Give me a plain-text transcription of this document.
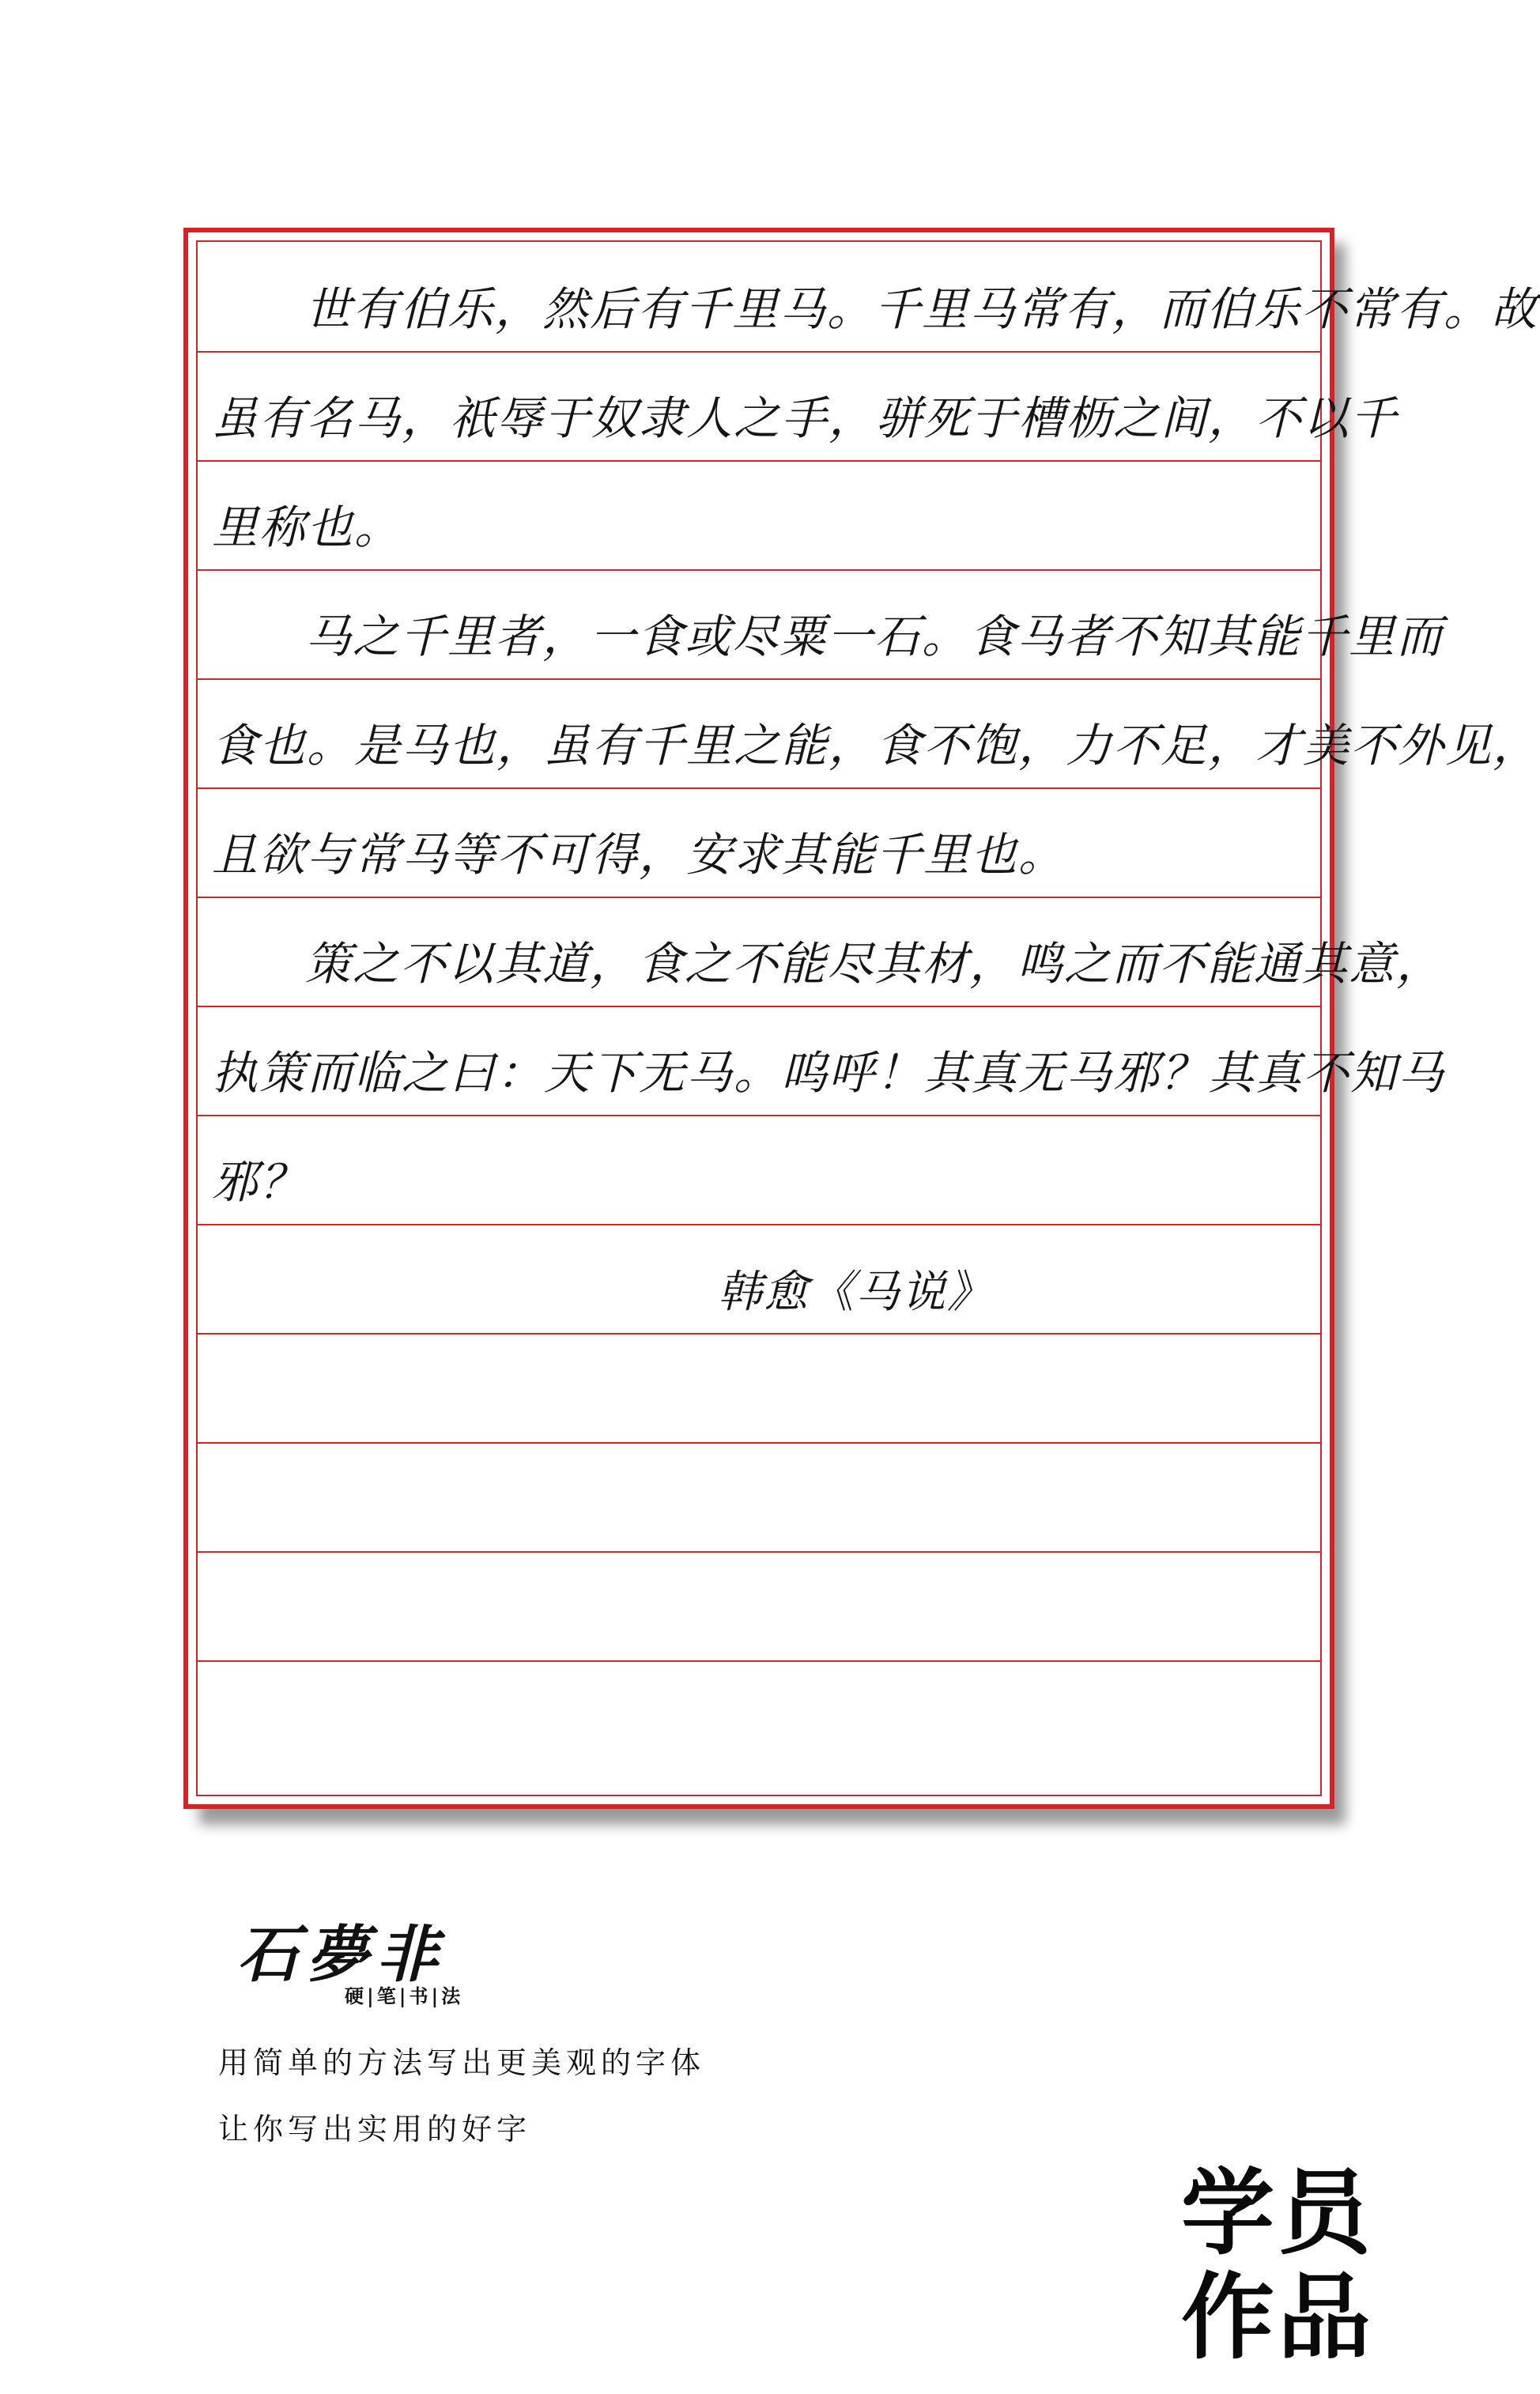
世有伯乐，然后有千里马。千里马常有，而伯乐不常有。故
虽有名马，祇辱于奴隶人之手，骈死于槽枥之间，不以千
里称也。
马之千里者，一食或尽粟一石。食马者不知其能千里而
食也。是马也，虽有千里之能，食不饱，力不足，才美不外见，
且欲与常马等不可得，安求其能千里也。
策之不以其道，食之不能尽其材，鸣之而不能通其意，
执策而临之曰：天下无马。呜呼！其真无马邪？其真不知马
邪？
韩愈《马说》
石夢非
硬|笔|书|法
用简单的方法写出更美观的字体
让你写出实用的好字
学员
作品
